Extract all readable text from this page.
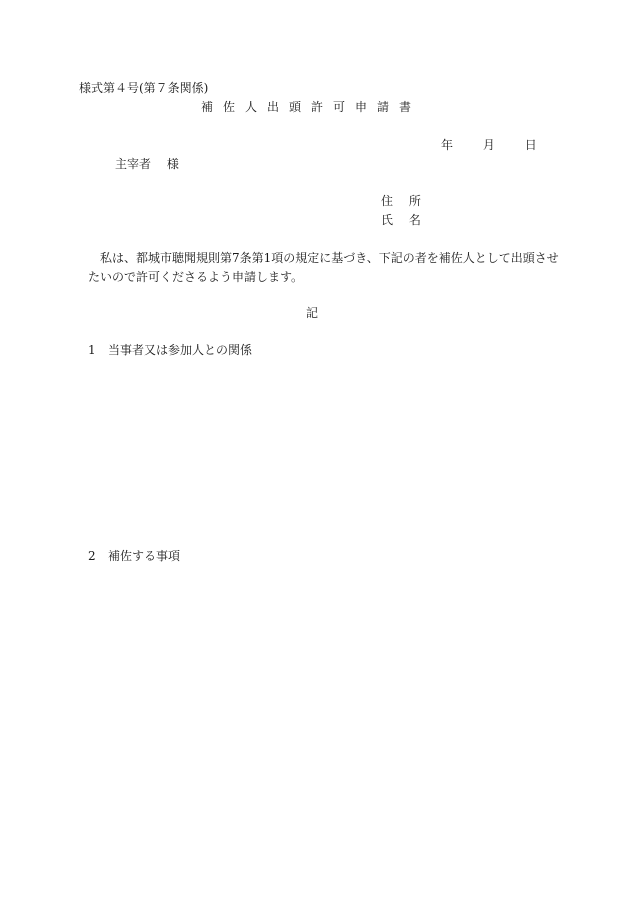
様式第４号(第７条関係)
補佐人出頭許可申請書
年 月 日
主宰者 様
住 所
氏 名
私は、都城市聴聞規則第7条第1項の規定に基づき、下記の者を補佐人として出頭させたいので許可くださるよう申請します。
記
1 当事者又は参加人との関係
2 補佐する事項
